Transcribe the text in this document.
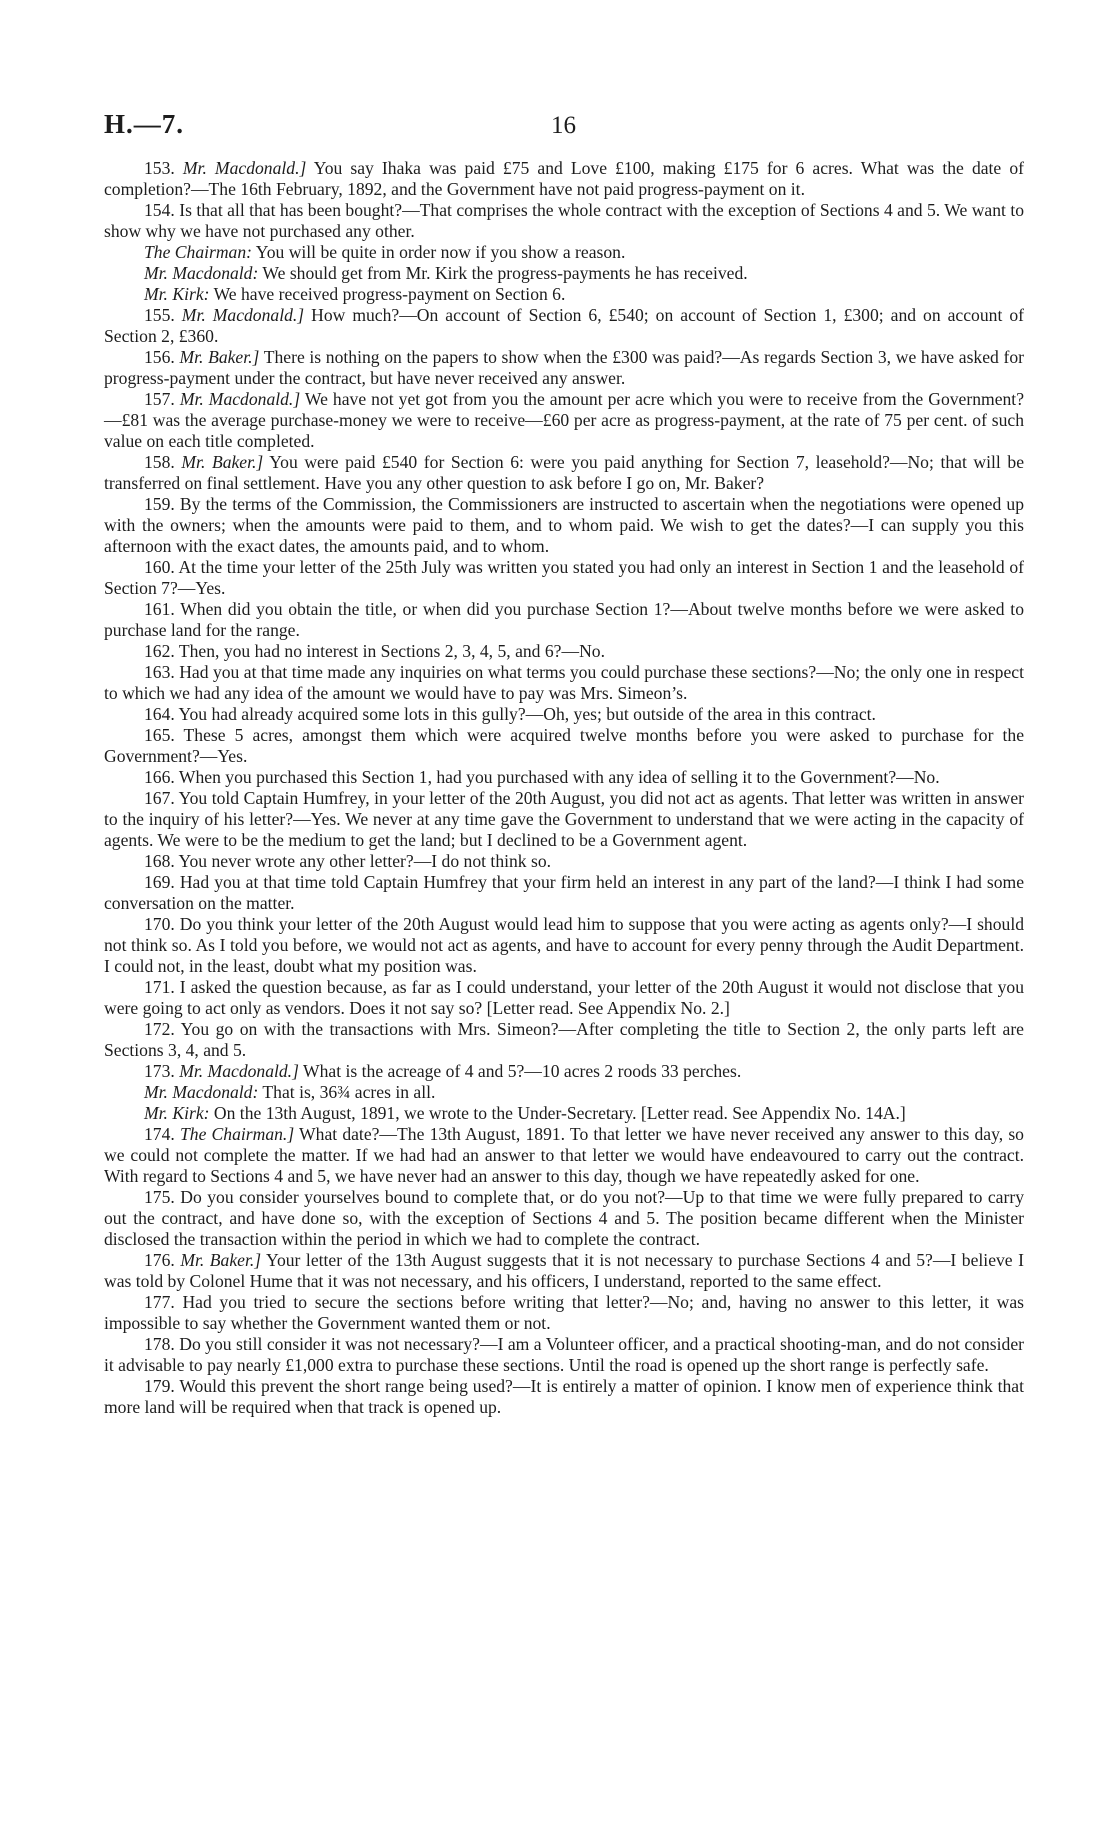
H.—7.	16

153. Mr. Macdonald.] You say Ihaka was paid £75 and Love £100, making £175 for 6 acres. What was the date of completion?—The 16th February, 1892, and the Government have not paid progress-payment on it.

154. Is that all that has been bought?—That comprises the whole contract with the exception of Sections 4 and 5. We want to show why we have not purchased any other.

The Chairman: You will be quite in order now if you show a reason.

Mr. Macdonald: We should get from Mr. Kirk the progress-payments he has received.

Mr. Kirk: We have received progress-payment on Section 6.

155. Mr. Macdonald.] How much?—On account of Section 6, £540; on account of Section 1, £300; and on account of Section 2, £360.

156. Mr. Baker.] There is nothing on the papers to show when the £300 was paid?—As regards Section 3, we have asked for progress-payment under the contract, but have never received any answer.

157. Mr. Macdonald.] We have not yet got from you the amount per acre which you were to receive from the Government?—£81 was the average purchase-money we were to receive—£60 per acre as progress-payment, at the rate of 75 per cent. of such value on each title completed.

158. Mr. Baker.] You were paid £540 for Section 6: were you paid anything for Section 7, leasehold?—No; that will be transferred on final settlement. Have you any other question to ask before I go on, Mr. Baker?

159. By the terms of the Commission, the Commissioners are instructed to ascertain when the negotiations were opened up with the owners; when the amounts were paid to them, and to whom paid. We wish to get the dates?—I can supply you this afternoon with the exact dates, the amounts paid, and to whom.

160. At the time your letter of the 25th July was written you stated you had only an interest in Section 1 and the leasehold of Section 7?—Yes.

161. When did you obtain the title, or when did you purchase Section 1?—About twelve months before we were asked to purchase land for the range.

162. Then, you had no interest in Sections 2, 3, 4, 5, and 6?—No.

163. Had you at that time made any inquiries on what terms you could purchase these sections?—No; the only one in respect to which we had any idea of the amount we would have to pay was Mrs. Simeon’s.

164. You had already acquired some lots in this gully?—Oh, yes; but outside of the area in this contract.

165. These 5 acres, amongst them which were acquired twelve months before you were asked to purchase for the Government?—Yes.

166. When you purchased this Section 1, had you purchased with any idea of selling it to the Government?—No.

167. You told Captain Humfrey, in your letter of the 20th August, you did not act as agents. That letter was written in answer to the inquiry of his letter?—Yes. We never at any time gave the Government to understand that we were acting in the capacity of agents. We were to be the medium to get the land; but I declined to be a Government agent.

168. You never wrote any other letter?—I do not think so.

169. Had you at that time told Captain Humfrey that your firm held an interest in any part of the land?—I think I had some conversation on the matter.

170. Do you think your letter of the 20th August would lead him to suppose that you were acting as agents only?—I should not think so. As I told you before, we would not act as agents, and have to account for every penny through the Audit Department. I could not, in the least, doubt what my position was.

171. I asked the question because, as far as I could understand, your letter of the 20th August it would not disclose that you were going to act only as vendors. Does it not say so? [Letter read. See Appendix No. 2.]

172. You go on with the transactions with Mrs. Simeon?—After completing the title to Section 2, the only parts left are Sections 3, 4, and 5.

173. Mr. Macdonald.] What is the acreage of 4 and 5?—10 acres 2 roods 33 perches.

Mr. Macdonald: That is, 36¾ acres in all.

Mr. Kirk: On the 13th August, 1891, we wrote to the Under-Secretary. [Letter read. See Appendix No. 14A.]

174. The Chairman.] What date?—The 13th August, 1891. To that letter we have never received any answer to this day, so we could not complete the matter. If we had had an answer to that letter we would have endeavoured to carry out the contract. With regard to Sections 4 and 5, we have never had an answer to this day, though we have repeatedly asked for one.

175. Do you consider yourselves bound to complete that, or do you not?—Up to that time we were fully prepared to carry out the contract, and have done so, with the exception of Sections 4 and 5. The position became different when the Minister disclosed the transaction within the period in which we had to complete the contract.

176. Mr. Baker.] Your letter of the 13th August suggests that it is not necessary to purchase Sections 4 and 5?—I believe I was told by Colonel Hume that it was not necessary, and his officers, I understand, reported to the same effect.

177. Had you tried to secure the sections before writing that letter?—No; and, having no answer to this letter, it was impossible to say whether the Government wanted them or not.

178. Do you still consider it was not necessary?—I am a Volunteer officer, and a practical shooting-man, and do not consider it advisable to pay nearly £1,000 extra to purchase these sections. Until the road is opened up the short range is perfectly safe.

179. Would this prevent the short range being used?—It is entirely a matter of opinion. I know men of experience think that more land will be required when that track is opened up.
